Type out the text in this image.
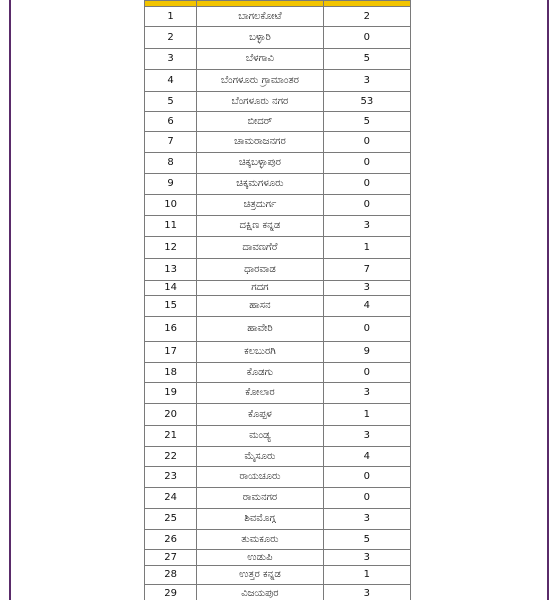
1	ಬಾಗಲಕೋಟೆ	2
2	ಬಳ್ಳಾರಿ	0
3	ಬೆಳಗಾವಿ	5
4	ಬೆಂಗಳೂರು ಗ್ರಾಮಾಂತರ	3
5	ಬೆಂಗಳೂರು ನಗರ	53
6	ಬೀದರ್	5
7	ಚಾಮರಾಜನಗರ	0
8	ಚಿಕ್ಕಬಳ್ಳಾಪುರ	0
9	ಚಿಕ್ಕಮಗಳೂರು	0
10	ಚಿತ್ರದುರ್ಗ	0
11	ದಕ್ಷಿಣ ಕನ್ನಡ	3
12	ದಾವಣಗೆರೆ	1
13	ಧಾರವಾಡ	7
14	ಗದಗ	3
15	ಹಾಸನ	4
16	ಹಾವೇರಿ	0
17	ಕಲಬುರಗಿ	9
18	ಕೊಡಗು	0
19	ಕೋಲಾರ	3
20	ಕೊಪ್ಪಳ	1
21	ಮಂಡ್ಯ	3
22	ಮೈಸೂರು	4
23	ರಾಯಚೂರು	0
24	ರಾಮನಗರ	0
25	ಶಿವಮೊಗ್ಗ	3
26	ತುಮಕೂರು	5
27	ಉಡುಪಿ	3
28	ಉತ್ತರ ಕನ್ನಡ	1
29	ವಿಜಯಪುರ	3
